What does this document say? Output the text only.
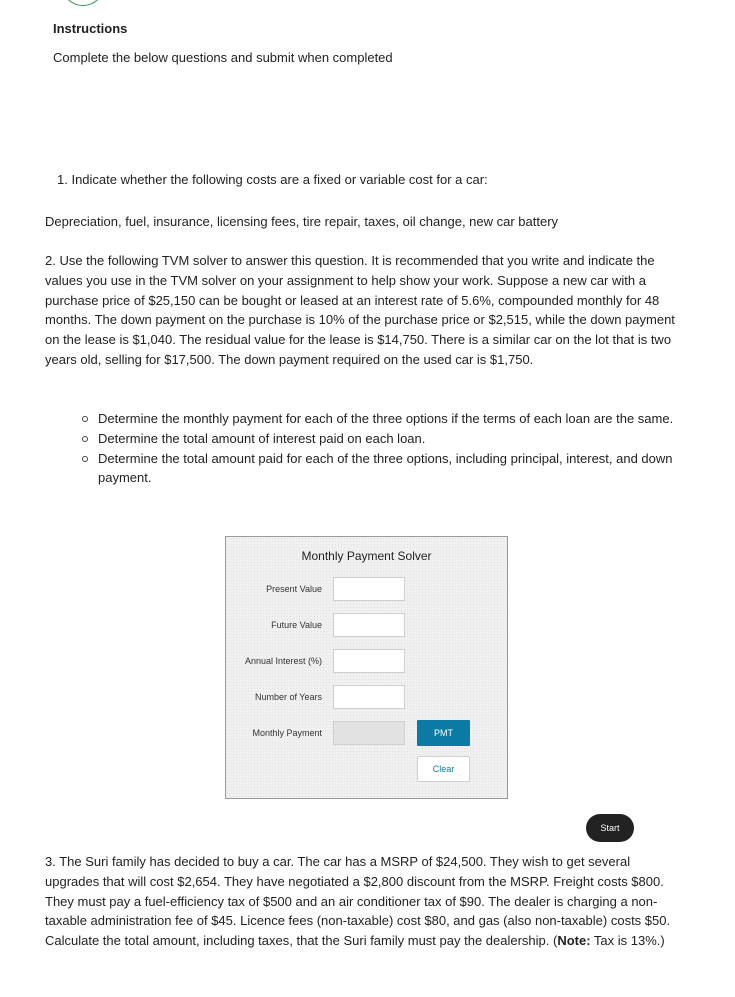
Instructions
Complete the below questions and submit when completed
1. Indicate whether the following costs are a fixed or variable cost for a car:
Depreciation, fuel, insurance, licensing fees, tire repair, taxes, oil change, new car battery
2. Use the following TVM solver to answer this question. It is recommended that you write and indicate the values you use in the TVM solver on your assignment to help show your work. Suppose a new car with a purchase price of $25,150 can be bought or leased at an interest rate of 5.6%, compounded monthly for 48 months. The down payment on the purchase is 10% of the purchase price or $2,515, while the down payment on the lease is $1,040. The residual value for the lease is $14,750. There is a similar car on the lot that is two years old, selling for $17,500. The down payment required on the used car is $1,750.
Determine the monthly payment for each of the three options if the terms of each loan are the same.
Determine the total amount of interest paid on each loan.
Determine the total amount paid for each of the three options, including principal, interest, and down payment.
Monthly Payment Solver
Present Value
Future Value
Annual Interest (%)
Number of Years
Monthly Payment	PMT
Clear
Start
3. The Suri family has decided to buy a car. The car has a MSRP of $24,500. They wish to get several upgrades that will cost $2,654. They have negotiated a $2,800 discount from the MSRP. Freight costs $800. They must pay a fuel-efficiency tax of $500 and an air conditioner tax of $90. The dealer is charging a non-taxable administration fee of $45. Licence fees (non-taxable) cost $80, and gas (also non-taxable) costs $50. Calculate the total amount, including taxes, that the Suri family must pay the dealership. (Note: Tax is 13%.)
